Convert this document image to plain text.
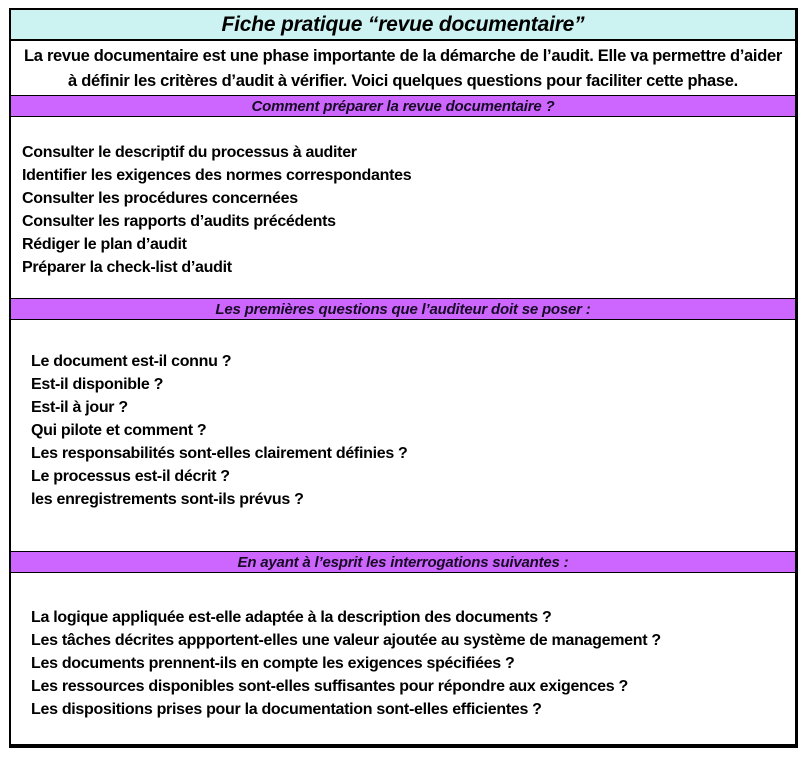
Fiche pratique “revue documentaire”
La revue documentaire est une phase importante de la démarche de l’audit. Elle va permettre d’aider à définir les critères d’audit à vérifier. Voici quelques questions pour faciliter cette phase.
Comment préparer la revue documentaire ?
Consulter le descriptif du processus à auditer
Identifier les exigences des normes correspondantes
Consulter les procédures concernées
Consulter les rapports d’audits précédents
Rédiger le plan d’audit
Préparer la check-list d’audit
Les premières questions que l’auditeur doit se poser :
Le document est-il connu ?
Est-il disponible ?
Est-il à jour ?
Qui pilote et comment ?
Les responsabilités sont-elles clairement définies ?
Le processus est-il décrit ?
les enregistrements sont-ils prévus ?
En ayant à l’esprit les interrogations suivantes :
La logique appliquée est-elle adaptée à la description des documents ?
Les tâches décrites appportent-elles une valeur ajoutée au système de management ?
Les documents prennent-ils en compte les exigences spécifiées ?
Les ressources disponibles sont-elles suffisantes pour répondre aux exigences ?
Les dispositions prises pour la documentation sont-elles efficientes ?
